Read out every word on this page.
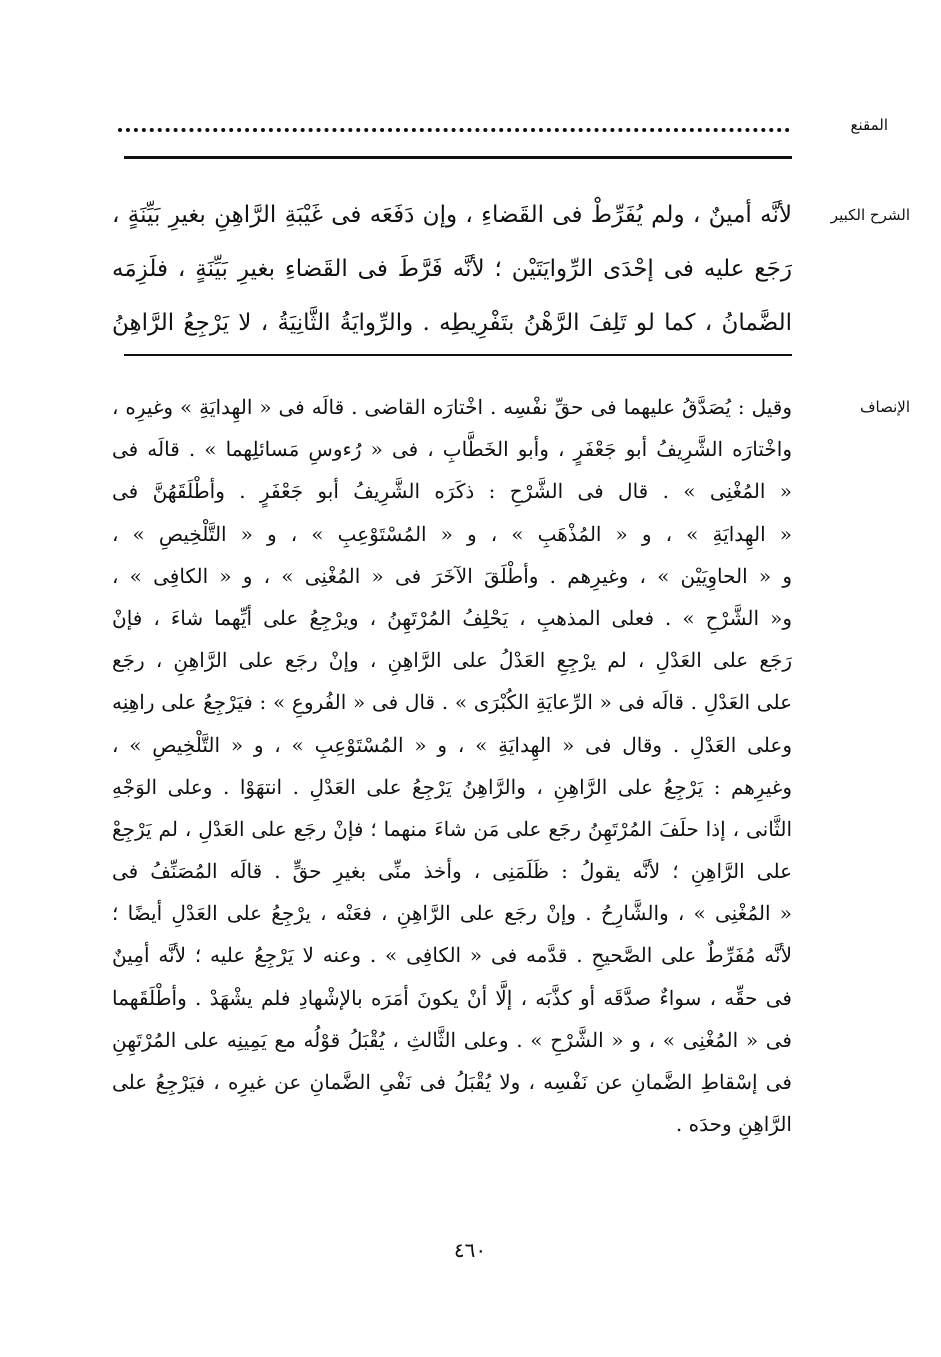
المقنع
الشرح الكبير
لأنَّه أمينٌ ، ولم يُفَرِّطْ فى القَضاءِ ، وإن دَفَعَه فى غَيْبَةِ الرَّاهِنِ بغيرِ بَيِّنَةٍ ،
رَجَع عليه فى إحْدَى الرِّوايَتَيْن ؛ لأنَّه فَرَّطَ فى القَضاءِ بغيرِ بَيِّنَةٍ ، فلَزِمَه
الضَّمانُ ، كما لو تَلِفَ الرَّهْنُ بتَفْرِيطِه . والرِّوايَةُ الثَّانِيَةُ ، لا يَرْجِعُ الرَّاهِنُ
الإنصاف
وقيل : يُصَدَّقُ عليهما فى حقِّ نفْسِه . اخْتارَه القاضى . قالَه فى « الهِدايَةِ » وغيرِه ،
واخْتارَه الشَّرِيفُ أبو جَعْفَرٍ ، وأبو الخَطَّابِ ، فى « رُءوسِ مَسائلِهما » . قالَه فى
« المُغْنِى » . قال فى الشَّرْحِ : ذكَرَه الشَّرِيفُ أبو جَعْفَرٍ . وأطْلَقَهُنَّ فى
« الهِدايَةِ » ، و « المُذْهَبِ » ، و « المُسْتَوْعِبِ » ، و « التَّلْخِيصِ » ،
و « الحاوِيَيْن » ، وغيرِهم . وأطْلَقَ الآخَرَ فى « المُغْنِى » ، و « الكافِى » ،
و« الشَّرْحِ » . فعلى المذهبِ ، يَحْلِفُ المُرْتَهِنُ ، ويرْجِعُ على أيِّهما شاءَ ، فإنْ
رَجَع على العَدْلِ ، لم يرْجِعِ العَدْلُ على الرَّاهِنِ ، وإنْ رجَع على الرَّاهِنِ ، رجَع
على العَدْلِ . قالَه فى « الرِّعايَةِ الكُبْرَى » . قال فى « الفُروعِ » : فيَرْجِعُ على راهِنِه
وعلى العَدْلِ . وقال فى « الهِدايَةِ » ، و « المُسْتَوْعِبِ » ، و « التَّلْخِيصِ » ،
وغيرِهم : يَرْجِعُ على الرَّاهِنِ ، والرَّاهِنُ يَرْجِعُ على العَدْلِ . انتهَوْا . وعلى الوَجْهِ
الثَّانى ، إذا حلَفَ المُرْتَهِنُ رجَع على مَن شاءَ منهما ؛ فإنْ رجَع على العَدْلِ ، لم يَرْجِعْ
على الرَّاهِنِ ؛ لأنَّه يقولُ : ظَلَمَنِى ، وأخذ منِّى بغيرِ حقٍّ . قالَه المُصَنِّفُ فى
« المُغْنِى » ، والشَّارِحُ . وإنْ رجَع على الرَّاهِنِ ، فعَنْه ، يرْجِعُ على العَدْلِ أيضًا ؛
لأنَّه مُفَرِّطٌ على الصَّحيحِ . قدَّمه فى « الكافِى » . وعنه لا يَرْجِعُ عليه ؛ لأنَّه أمِينٌ
فى حقِّه ، سواءٌ صدَّقَه أو كذَّبَه ، إلَّا أنْ يكونَ أمَرَه بالإشْهادِ فلم يشْهَدْ . وأطْلَقَهما
فى « المُغْنِى » ، و « الشَّرْحِ » . وعلى الثَّالثِ ، يُقْبَلُ قوْلُه مع يَمِينِه على المُرْتَهِنِ
فى إسْقاطِ الضَّمانِ عن نَفْسِه ، ولا يُقْبَلُ فى نَفْىِ الضَّمانِ عن غيرِه ، فيَرْجِعُ على
الرَّاهِنِ وحدَه .
٤٦٠
